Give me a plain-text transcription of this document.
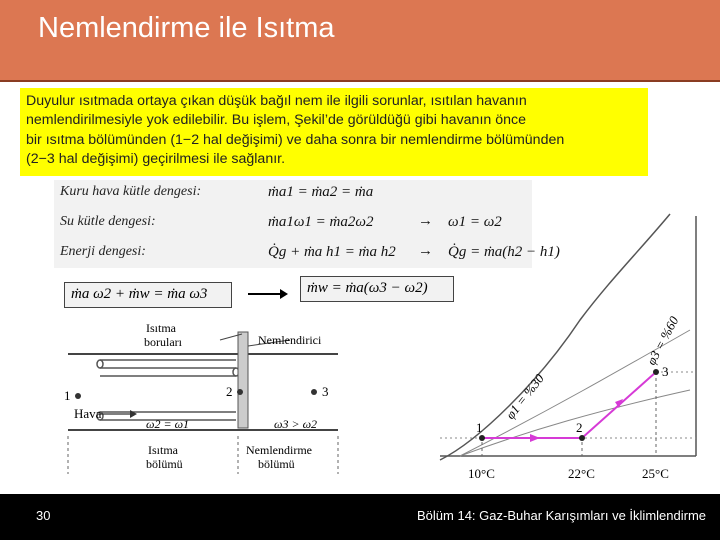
Nemlendirme ile Isıtma
Duyulur ısıtmada ortaya çıkan düşük bağıl nem ile ilgili sorunlar, ısıtılan havanın
nemlendirilmesiyle yok edilebilir. Bu işlem, Şekil’de görüldüğü gibi havanın önce
bir ısıtma bölümünden (1−2 hal değişimi) ve daha sonra bir nemlendirme bölümünden
(2−3 hal değişimi) geçirilmesi ile sağlanır.
Kuru hava kütle dengesi:	ṁa1 = ṁa2 = ṁa
Su kütle dengesi:	ṁa1ω1 = ṁa2ω2	→ ω1 = ω2
Enerji dengesi:	Q̇g + ṁa h1 = ṁa h2 → Q̇g = ṁa(h2 − h1)
ṁa ω2 + ṁw = ṁa ω3	ṁw = ṁa(ω3 − ω2)
1	2	3
Hava
Isıtma
boruları	Nemlendirici
ω2 = ω1	ω3 > ω2
Isıtma
bölümü
Nemlendirme
bölümü
1	2
3
φ1 = %30
φ3 = %60
10°C	22°C	25°C
30	Bölüm 14: Gaz-Buhar Karışımları ve İklimlendirme
